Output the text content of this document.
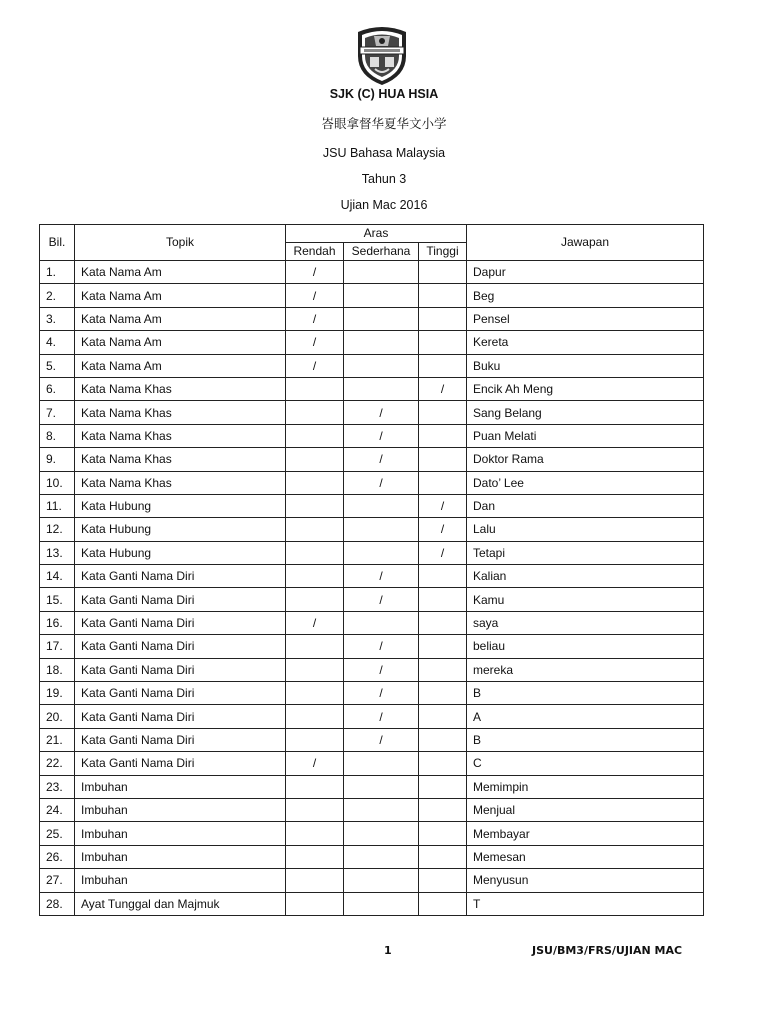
SJK (C) HUA HSIA
峇眼拿督华夏华文小学
JSU Bahasa Malaysia
Tahun 3
Ujian Mac 2016
Bil.	Topik	Aras			Jawapan
		Rendah	Sederhana	Tinggi	
1.	Kata Nama Am	/			Dapur
2.	Kata Nama Am	/			Beg
3.	Kata Nama Am	/			Pensel
4.	Kata Nama Am	/			Kereta
5.	Kata Nama Am	/			Buku
6.	Kata Nama Khas			/	Encik Ah Meng
7.	Kata Nama Khas		/		Sang Belang
8.	Kata Nama Khas		/		Puan Melati
9.	Kata Nama Khas		/		Doktor Rama
10.	Kata Nama Khas		/		Dato’ Lee
11.	Kata Hubung			/	Dan
12.	Kata Hubung			/	Lalu
13.	Kata Hubung			/	Tetapi
14.	Kata Ganti Nama Diri		/		Kalian
15.	Kata Ganti Nama Diri		/		Kamu
16.	Kata Ganti Nama Diri	/			saya
17.	Kata Ganti Nama Diri		/		beliau
18.	Kata Ganti Nama Diri		/		mereka
19.	Kata Ganti Nama Diri		/		B
20.	Kata Ganti Nama Diri		/		A
21.	Kata Ganti Nama Diri		/		B
22.	Kata Ganti Nama Diri	/			C
23.	Imbuhan				Memimpin
24.	Imbuhan				Menjual
25.	Imbuhan				Membayar
26.	Imbuhan				Memesan
27.	Imbuhan				Menyusun
28.	Ayat Tunggal dan Majmuk				T
1	JSU/BM3/FRS/UJIAN MAC
